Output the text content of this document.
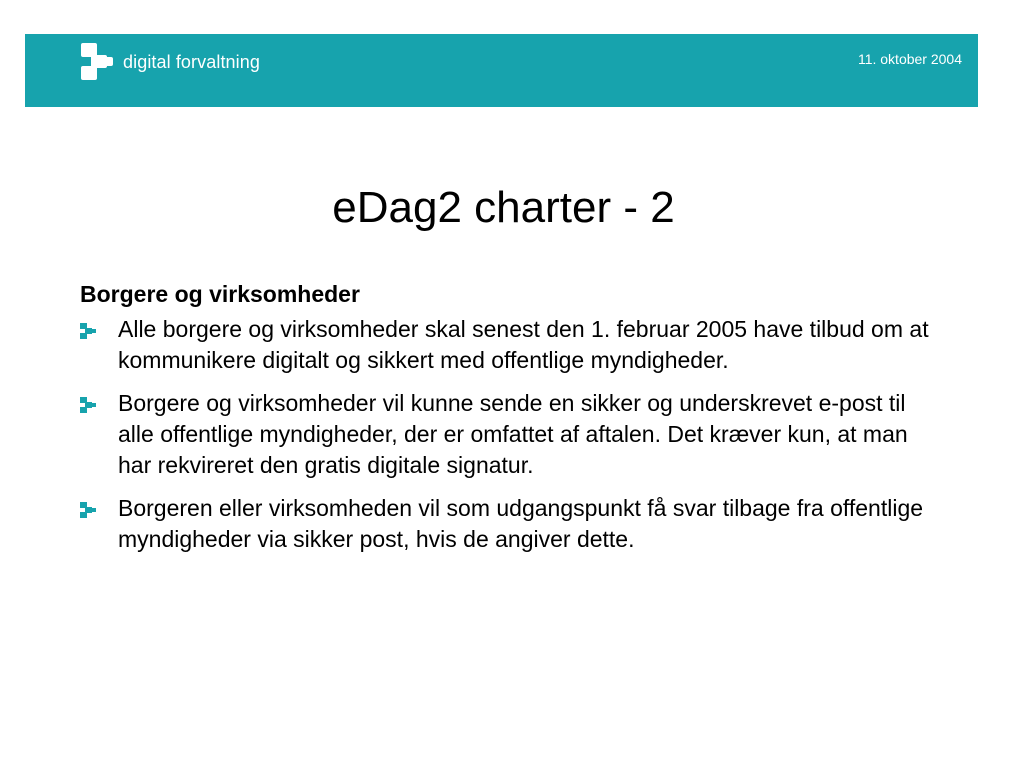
digital forvaltning	11. oktober 2004
eDag2 charter - 2
Borgere og virksomheder
Alle borgere og virksomheder skal senest den 1. februar 2005 have tilbud om at kommunikere digitalt og sikkert med offentlige myndigheder.
Borgere og virksomheder vil kunne sende en sikker og underskrevet e-post til alle offentlige myndigheder, der er omfattet af aftalen. Det kræver kun, at man har rekvireret den gratis digitale signatur.
Borgeren eller virksomheden vil som udgangspunkt få svar tilbage fra offentlige myndigheder via sikker post, hvis de angiver dette.
